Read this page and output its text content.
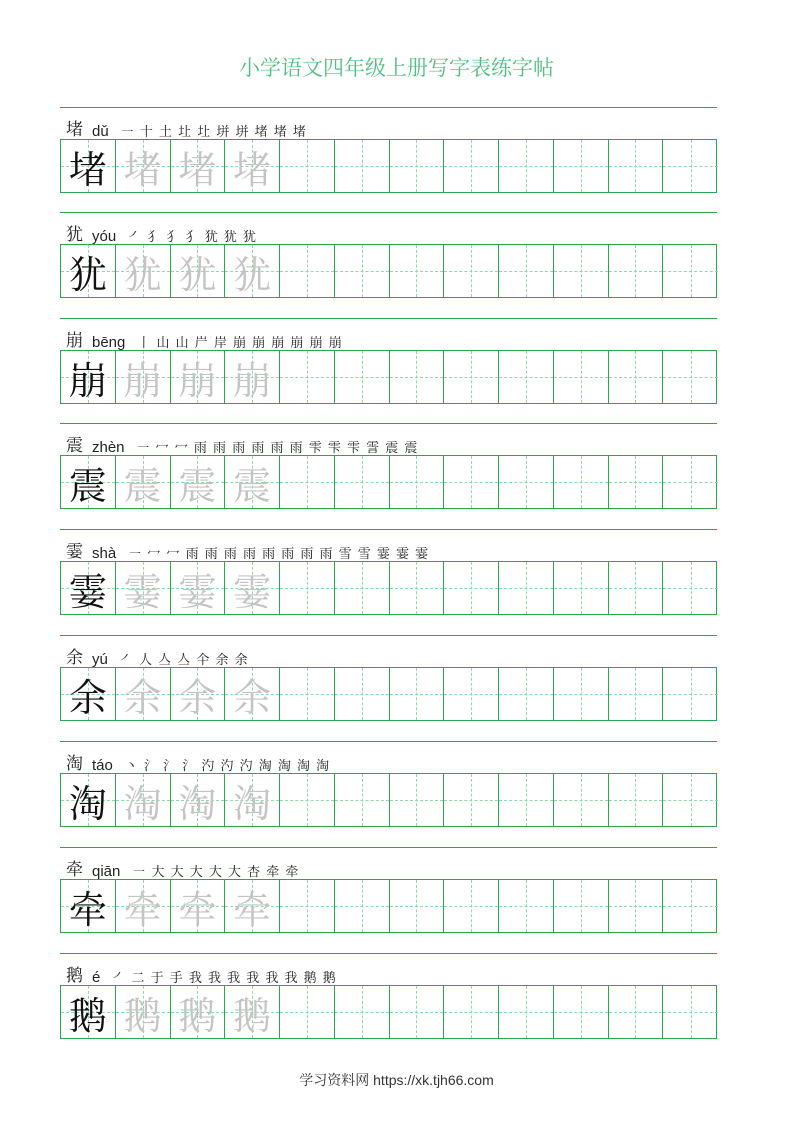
小学语文四年级上册写字表练字帖
堵 dǔ ㇐ 十 土 圵 圵 垪 垪 堵 堵 堵
堵 堵 堵 堵
犹 yóu ㇒ 犭 犭 犭 犹 犹 犹
犹 犹 犹 犹
崩 bēng 丨 山 山 屵 岸 崩 崩 崩 崩 崩 崩
崩 崩 崩 崩
震 zhèn ㇐ 冖 冖 雨 雨 雨 雨 雨 雨 雫 雫 雫 霅 震 震
震 震 震 震
霎 shà ㇐ 冖 冖 雨 雨 雨 雨 雨 雨 雨 雨 雪 雪 霎 霎 霎
霎 霎 霎 霎
余 yú ㇒ 人 亼 亼 仐 余 余
余 余 余 余
淘 táo 丶 氵 氵 氵 汋 汋 汋 淘 淘 淘 淘
淘 淘 淘 淘
牵 qiān ㇐ 大 大 大 大 大 杏 牵 牵
牵 牵 牵 牵
鹅 é ㇒ 二 于 手 我 我 我 我 我 我 鹅 鹅
鹅 鹅 鹅 鹅
学习资料网 https://xk.tjh66.com
